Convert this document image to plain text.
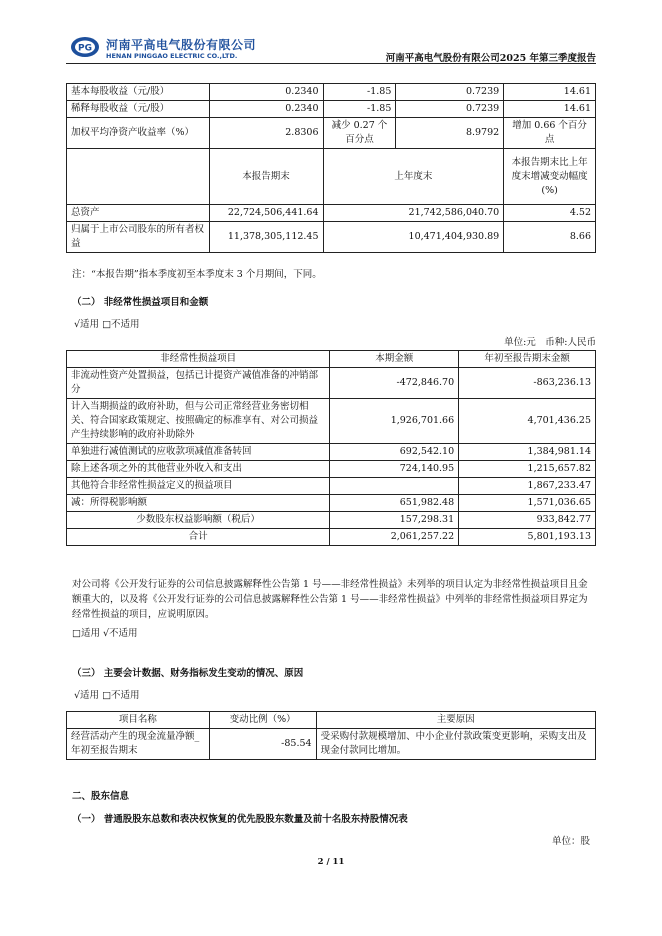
PG 河南平高电气股份有限公司
HENAN PINGGAO ELECTRIC CO.,LTD.	河南平高电气股份有限公司2025 年第三季度报告
基本每股收益（元/股）	0.2340	-1.85	0.7239	14.61
稀释每股收益（元/股）	0.2340	-1.85	0.7239	14.61
加权平均净资产收益率（%）	2.8306	减少 0.27 个百分点	8.9792	增加 0.66 个百分点
	本报告期末	上年度末		本报告期末比上年度末增减变动幅度(%)
总资产	22,724,506,441.64	21,742,586,040.70		4.52
归属于上市公司股东的所有者权益	11,378,305,112.45	10,471,404,930.89		8.66
注：“本报告期”指本季度初至本季度末 3 个月期间，下同。
（二） 非经常性损益项目和金额
√适用 □不适用
单位:元　币种:人民币
非经常性损益项目	本期金额	年初至报告期末金额
非流动性资产处置损益，包括已计提资产减值准备的冲销部分	-472,846.70	-863,236.13
计入当期损益的政府补助，但与公司正常经营业务密切相关、符合国家政策规定、按照确定的标准享有、对公司损益产生持续影响的政府补助除外	1,926,701.66	4,701,436.25
单独进行减值测试的应收款项减值准备转回	692,542.10	1,384,981.14
除上述各项之外的其他营业外收入和支出	724,140.95	1,215,657.82
其他符合非经常性损益定义的损益项目		1,867,233.47
减：所得税影响额	651,982.48	1,571,036.65
少数股东权益影响额（税后）	157,298.31	933,842.77
合计	2,061,257.22	5,801,193.13
对公司将《公开发行证券的公司信息披露解释性公告第 1 号——非经常性损益》未列举的项目认定为非经常性损益项目且金额重大的，以及将《公开发行证券的公司信息披露解释性公告第 1 号——非经常性损益》中列举的非经常性损益项目界定为经常性损益的项目，应说明原因。
□适用 √不适用
（三） 主要会计数据、财务指标发生变动的情况、原因
√适用 □不适用
项目名称	变动比例（%）	主要原因
经营活动产生的现金流量净额_年初至报告期末	-85.54	受采购付款规模增加、中小企业付款政策变更影响，采购支出及现金付款同比增加。
二、股东信息
（一） 普通股股东总数和表决权恢复的优先股股东数量及前十名股东持股情况表
单位：股
2 / 11
